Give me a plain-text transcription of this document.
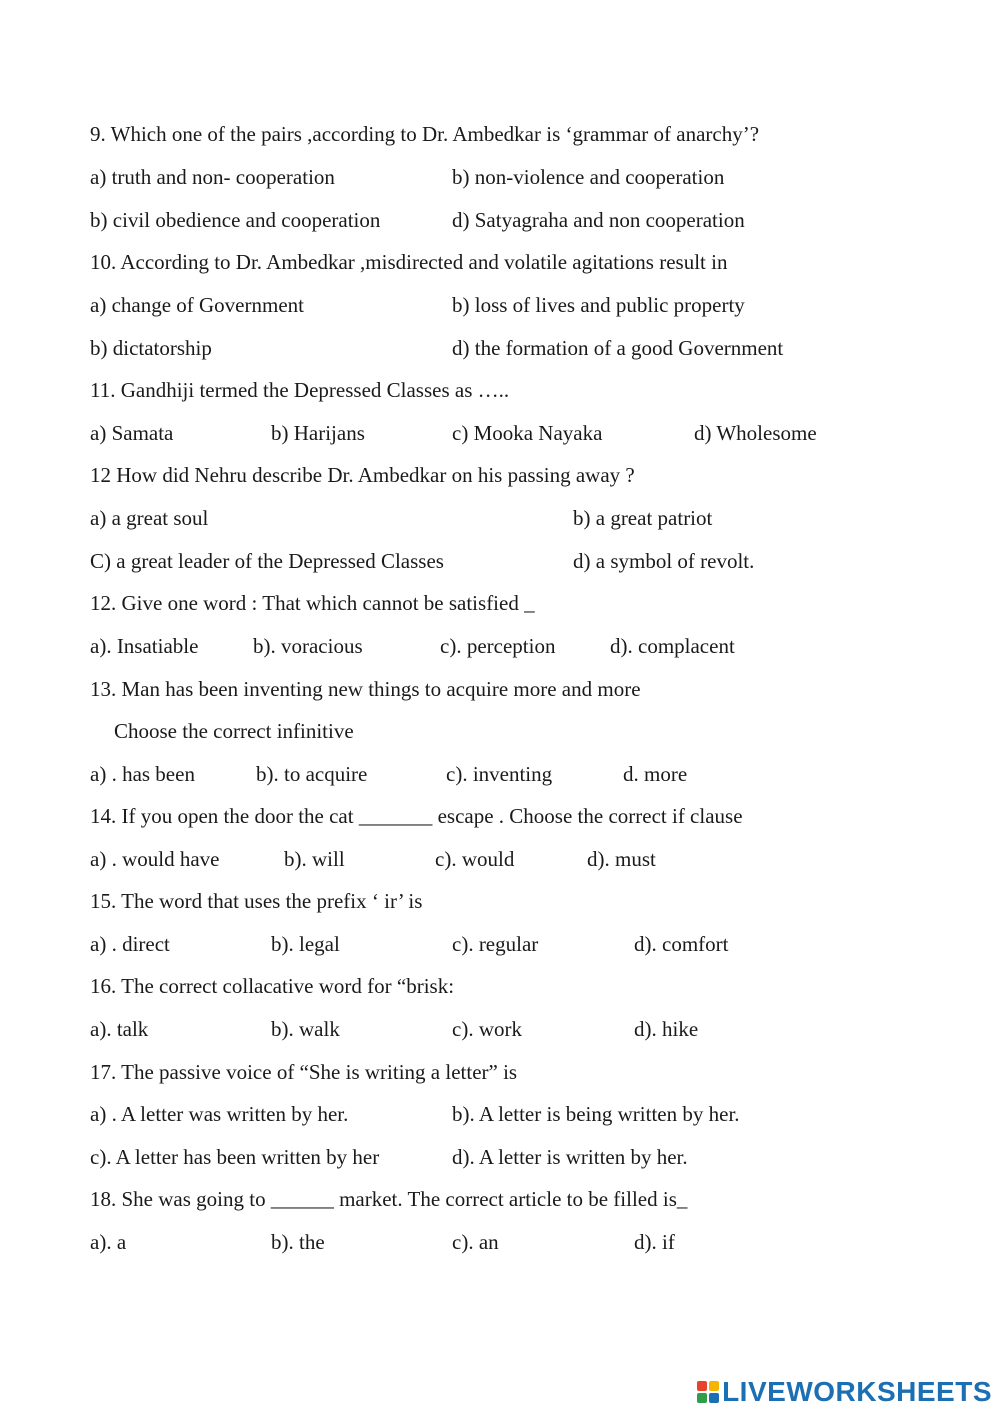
9. Which one of the pairs ,according to Dr. Ambedkar is ‘grammar of anarchy’?
a) truth and non- cooperation	b) non-violence and cooperation
b) civil obedience and cooperation	d) Satyagraha and non cooperation
10. According to Dr. Ambedkar ,misdirected and volatile agitations result in
a) change of Government	b) loss of lives and public property
b) dictatorship	d) the formation of a good Government
11. Gandhiji termed the Depressed Classes as …..
a) Samata	b) Harijans	c) Mooka Nayaka	d) Wholesome
12 How did Nehru describe Dr. Ambedkar on his passing away ?
a) a great soul	b) a great patriot
C) a great leader of the Depressed Classes	d) a symbol of revolt.
12. Give one word : That which cannot be satisfied _
a). Insatiable	b). voracious	c). perception	d). complacent
13. Man has been inventing new things to acquire more and more
Choose the correct infinitive
a) . has been	b). to acquire	c). inventing	d. more
14. If you open the door the cat _______ escape . Choose the correct if clause
a) . would have	b). will	c). would	d). must
15. The word that uses the prefix ‘ ir’ is
a) . direct	b). legal	c). regular	d). comfort
16. The correct collacative word for “brisk:
a). talk	b). walk	c). work	d). hike
17. The passive voice of “She is writing a letter” is
a) . A letter was written by her.	b). A letter is being written by her.
c). A letter has been written by her	d). A letter is written by her.
18. She was going to ______ market. The correct article to be filled is_
a). a	b). the	c). an	d). if
LIVEWORKSHEETS
